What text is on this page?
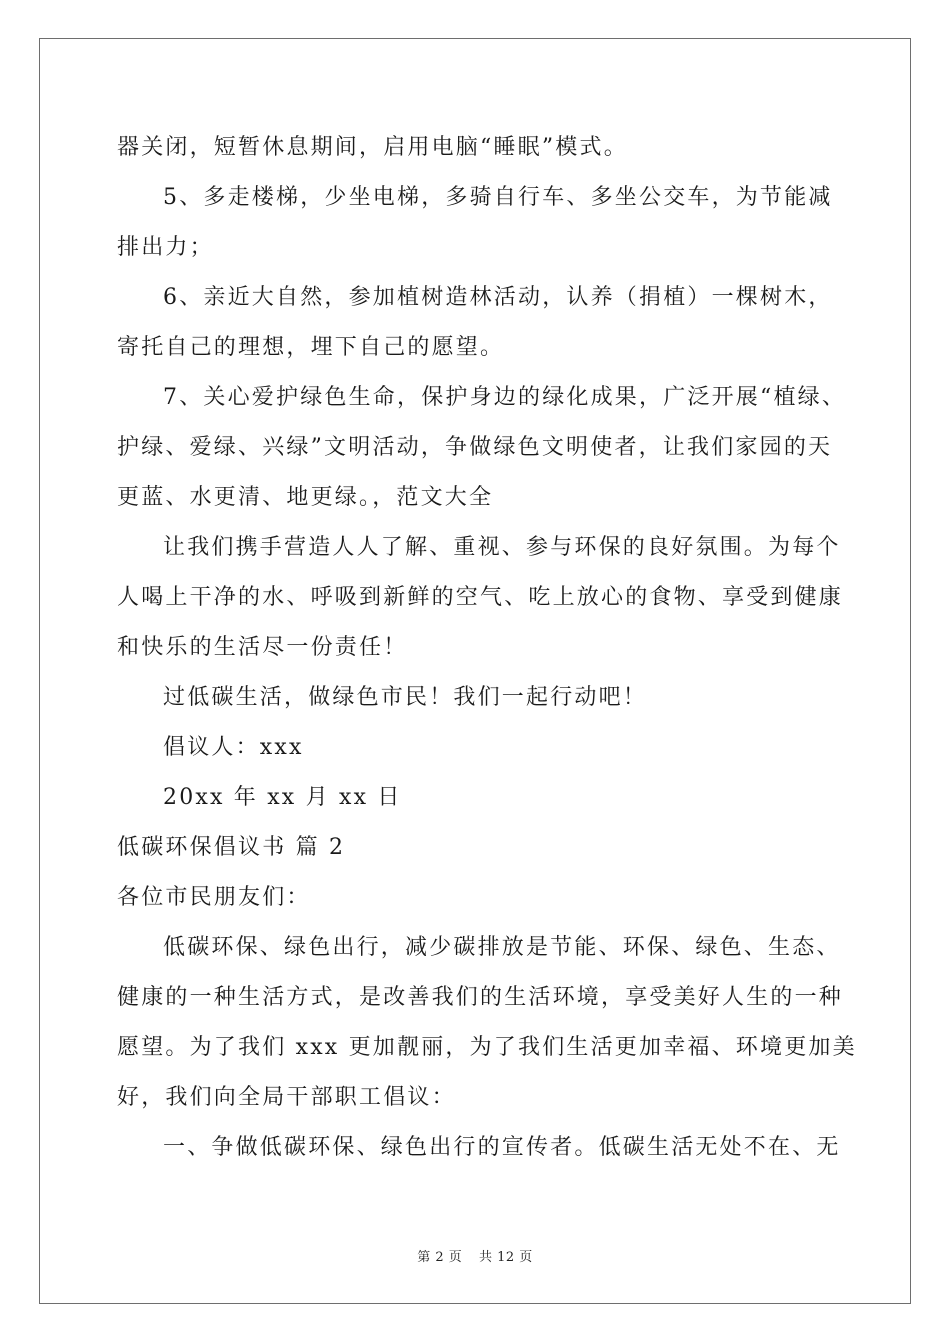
器关闭，短暂休息期间，启用电脑“睡眠”模式。
5、多走楼梯，少坐电梯，多骑自行车、多坐公交车，为节能减
排出力；
6、亲近大自然，参加植树造林活动，认养（捐植）一棵树木，
寄托自己的理想，埋下自己的愿望。
7、关心爱护绿色生命，保护身边的绿化成果，广泛开展“植绿、
护绿、爱绿、兴绿”文明活动，争做绿色文明使者，让我们家园的天
更蓝、水更清、地更绿。，范文大全
让我们携手营造人人了解、重视、参与环保的良好氛围。为每个
人喝上干净的水、呼吸到新鲜的空气、吃上放心的食物、享受到健康
和快乐的生活尽一份责任！
过低碳生活，做绿色市民！我们一起行动吧！
倡议人：xxx
20xx 年 xx 月 xx 日
低碳环保倡议书 篇 2
各位市民朋友们：
低碳环保、绿色出行，减少碳排放是节能、环保、绿色、生态、
健康的一种生活方式，是改善我们的生活环境，享受美好人生的一种
愿望。为了我们 xxx 更加靓丽，为了我们生活更加幸福、环境更加美
好，我们向全局干部职工倡议：
一、争做低碳环保、绿色出行的宣传者。低碳生活无处不在、无
第 2 页 共 12 页
